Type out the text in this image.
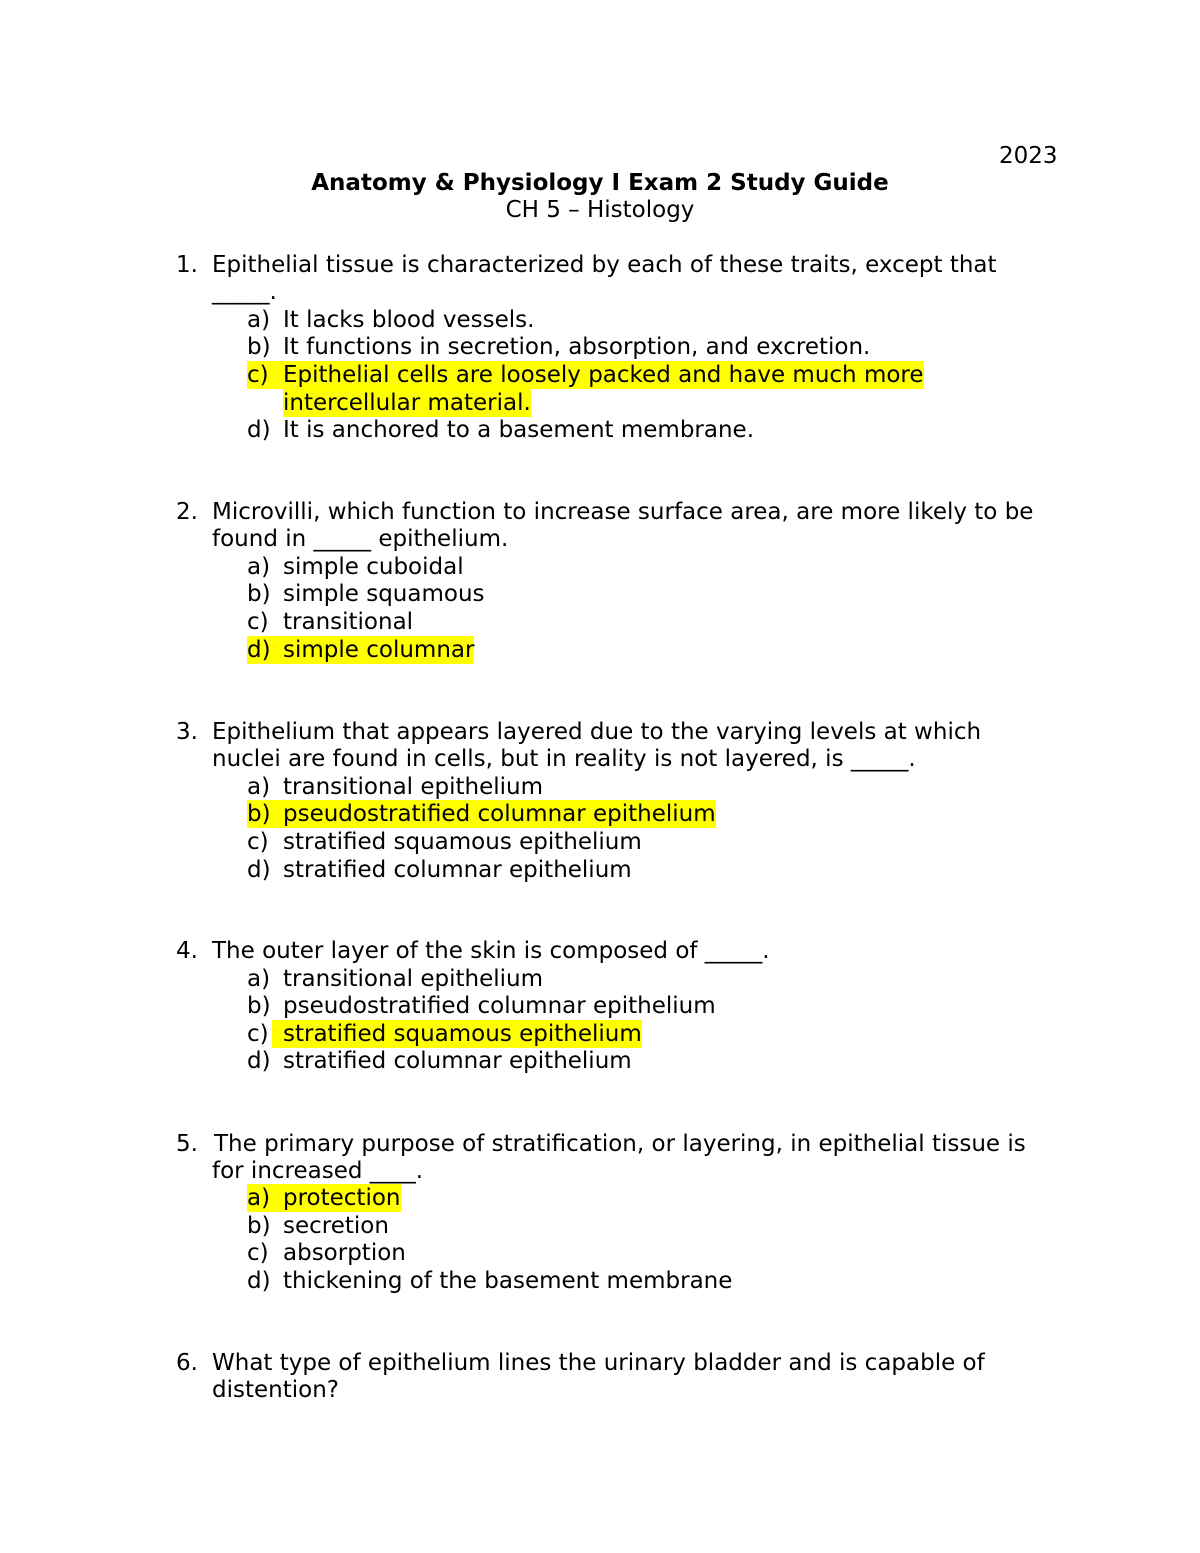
2023
Anatomy & Physiology I Exam 2 Study Guide
CH 5 – Histology
1. Epithelial tissue is characterized by each of these traits, except that
_____.
a) It lacks blood vessels.
b) It functions in secretion, absorption, and excretion.
c) Epithelial cells are loosely packed and have much more
intercellular material.
d) It is anchored to a basement membrane.
2. Microvilli, which function to increase surface area, are more likely to be
found in _____ epithelium.
a) simple cuboidal
b) simple squamous
c) transitional
d) simple columnar
3. Epithelium that appears layered due to the varying levels at which
nuclei are found in cells, but in reality is not layered, is _____.
a) transitional epithelium
b) pseudostratified columnar epithelium
c) stratified squamous epithelium
d) stratified columnar epithelium
4. The outer layer of the skin is composed of _____.
a) transitional epithelium
b) pseudostratified columnar epithelium
c) stratified squamous epithelium
d) stratified columnar epithelium
5. The primary purpose of stratification, or layering, in epithelial tissue is
for increased ____.
a) protection
b) secretion
c) absorption
d) thickening of the basement membrane
6. What type of epithelium lines the urinary bladder and is capable of
distention?
